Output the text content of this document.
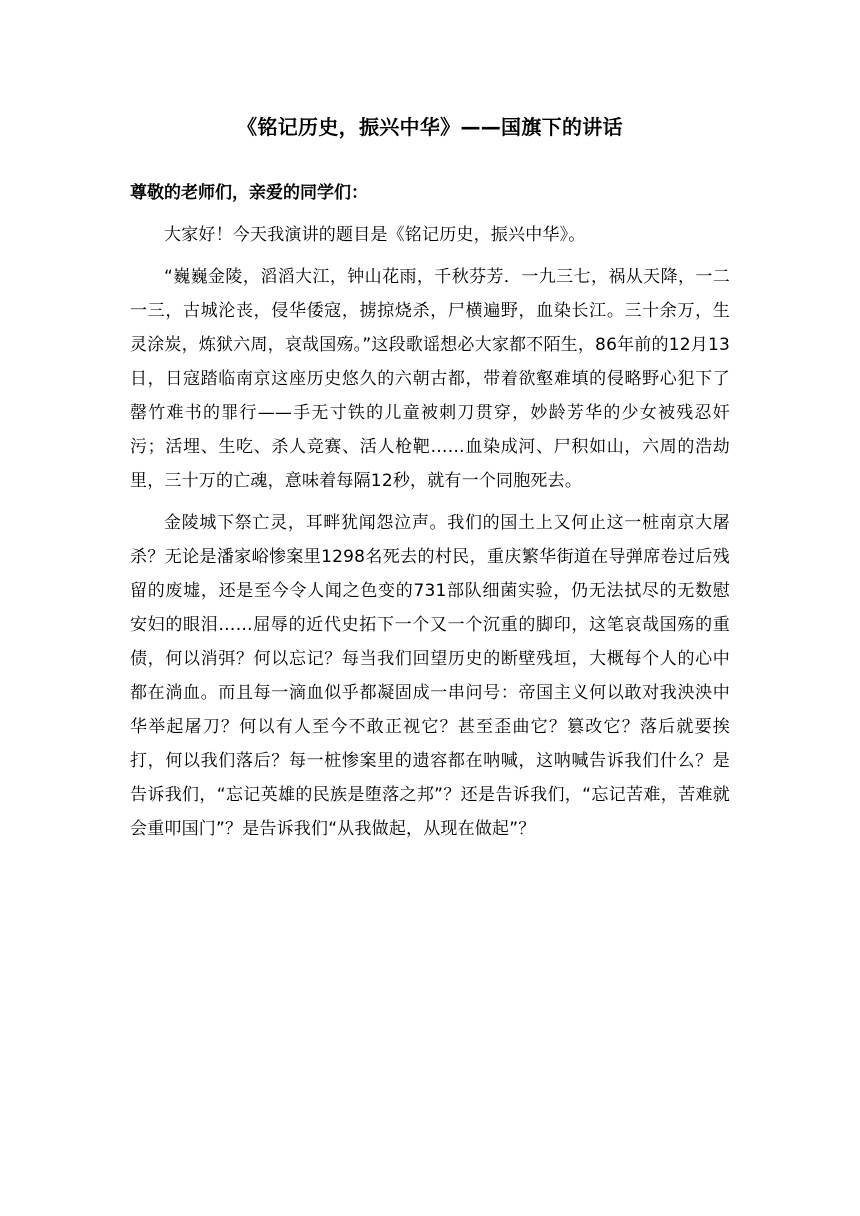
《铭记历史，振兴中华》——国旗下的讲话

尊敬的老师们，亲爱的同学们：

大家好！今天我演讲的题目是《铭记历史，振兴中华》。

“巍巍金陵，滔滔大江，钟山花雨，千秋芬芳．一九三七，祸从天降，一二一三，古城沦丧，侵华倭寇，掳掠烧杀，尸横遍野，血染长江。三十余万，生灵涂炭，炼狱六周，哀哉国殇。”这段歌谣想必大家都不陌生，86年前的12月13日，日寇踏临南京这座历史悠久的六朝古都，带着欲壑难填的侵略野心犯下了罄竹难书的罪行——手无寸铁的儿童被刺刀贯穿，妙龄芳华的少女被残忍奸污；活埋、生吃、杀人竞赛、活人枪靶……血染成河、尸积如山，六周的浩劫里，三十万的亡魂，意味着每隔12秒，就有一个同胞死去。

金陵城下祭亡灵，耳畔犹闻怨泣声。我们的国土上又何止这一桩南京大屠杀？无论是潘家峪惨案里1298名死去的村民，重庆繁华街道在导弹席卷过后残留的废墟，还是至今令人闻之色变的731部队细菌实验，仍无法拭尽的无数慰安妇的眼泪……屈辱的近代史拓下一个又一个沉重的脚印，这笔哀哉国殇的重债，何以消弭？何以忘记？每当我们回望历史的断壁残垣，大概每个人的心中都在淌血。而且每一滴血似乎都凝固成一串问号：帝国主义何以敢对我泱泱中华举起屠刀？何以有人至今不敢正视它？甚至歪曲它？篡改它？落后就要挨打，何以我们落后？每一桩惨案里的遗容都在呐喊，这呐喊告诉我们什么？是告诉我们，“忘记英雄的民族是堕落之邦”？还是告诉我们，“忘记苦难，苦难就会重叩国门”？是告诉我们“从我做起，从现在做起”？
